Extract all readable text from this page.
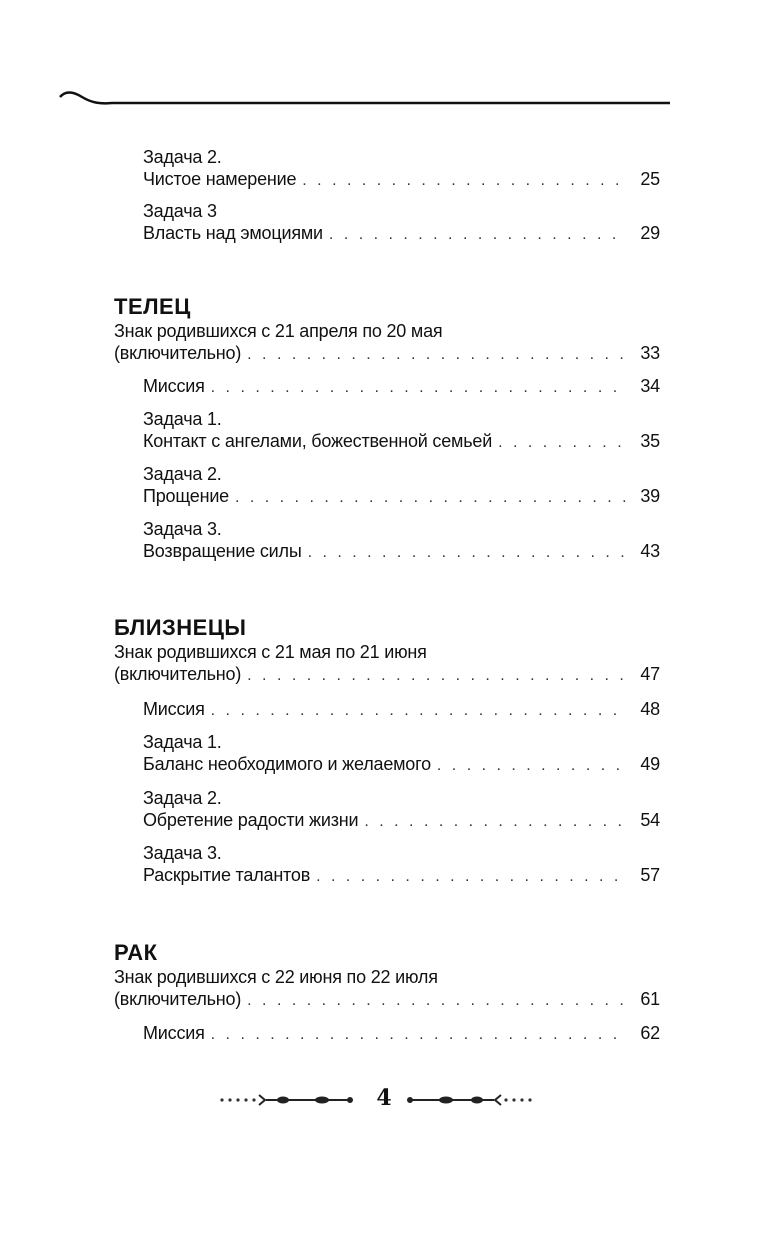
Задача 2.
Чистое намерение . . .	25
Задача 3
Власть над эмоциями . . .	29
ТЕЛЕЦ
Знак родившихся с 21 апреля по 20 мая
(включительно) . . .	33
Миссия . . .	34
Задача 1.
Контакт с ангелами, божественной семьей . . .	35
Задача 2.
Прощение . . .	39
Задача 3.
Возвращение силы . . .	43
БЛИЗНЕЦЫ
Знак родившихся с 21 мая по 21 июня
(включительно) . . .	47
Миссия . . .	48
Задача 1.
Баланс необходимого и желаемого . . .	49
Задача 2.
Обретение радости жизни . . .	54
Задача 3.
Раскрытие талантов . . .	57
РАК
Знак родившихся с 22 июня по 22 июля
(включительно) . . .	61
Миссия . . .	62
4
